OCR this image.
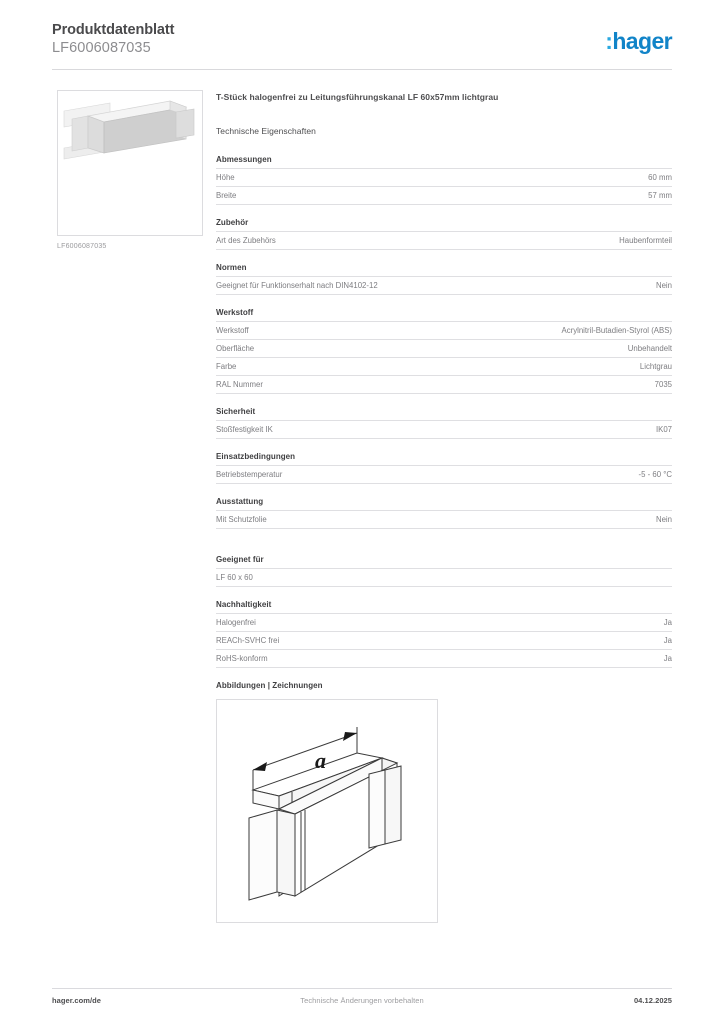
Produktdatenblatt
LF6006087035	:hager
LF6006087035
T-Stück halogenfrei zu Leitungsführungskanal LF 60x57mm lichtgrau
Technische Eigenschaften
Abmessungen
Höhe	60 mm
Breite	57 mm
Zubehör
Art des Zubehörs	Haubenformteil
Normen
Geeignet für Funktionserhalt nach DIN4102-12	Nein
Werkstoff
Werkstoff	Acrylnitril-Butadien-Styrol (ABS)
Oberfläche	Unbehandelt
Farbe	Lichtgrau
RAL Nummer	7035
Sicherheit
Stoßfestigkeit IK	IK07
Einsatzbedingungen
Betriebstemperatur	-5 - 60 °C
Ausstattung
Mit Schutzfolie	Nein
Geeignet für
LF 60 x 60	
Nachhaltigkeit
Halogenfrei	Ja
REACh-SVHC frei	Ja
RoHS-konform	Ja
Abbildungen | Zeichnungen
a
Technische Änderungen vorbehalten
hager.com/de	04.12.2025
